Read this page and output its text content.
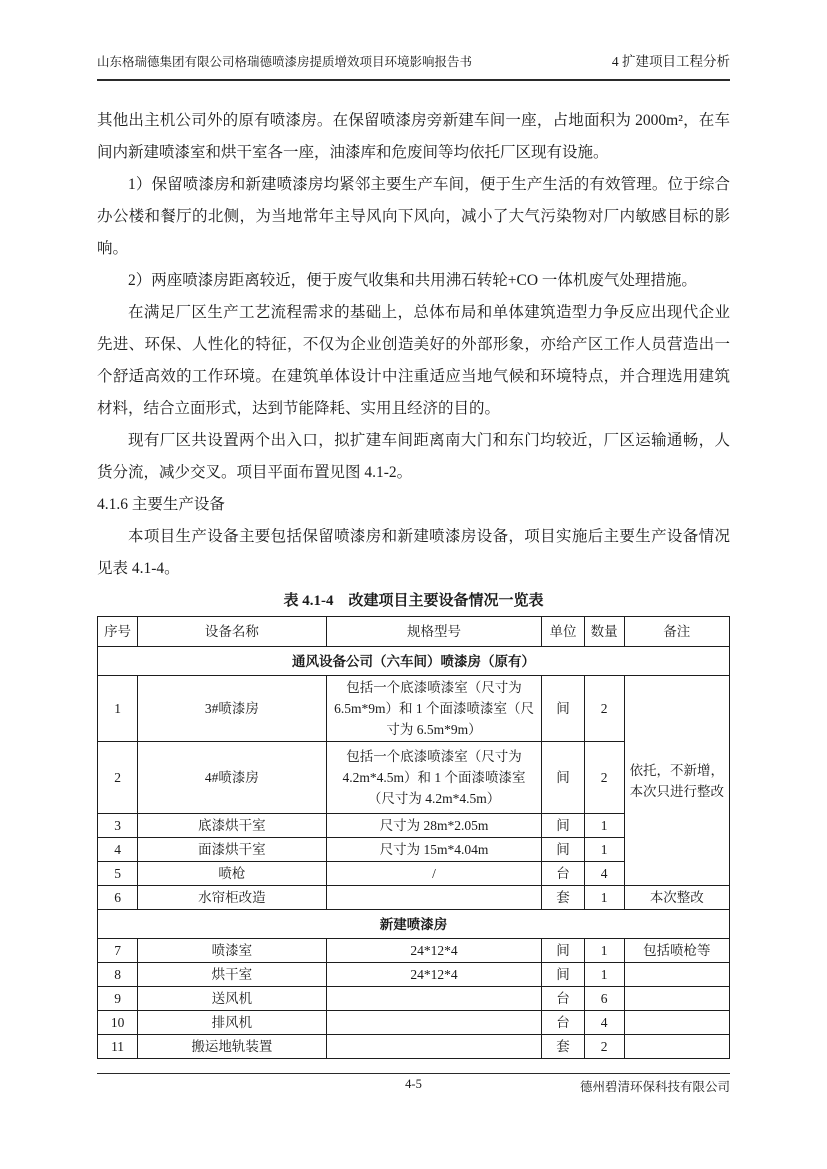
山东格瑞德集团有限公司格瑞德喷漆房提质增效项目环境影响报告书	4 扩建项目工程分析

其他出主机公司外的原有喷漆房。在保留喷漆房旁新建车间一座，占地面积为 2000m²，在车间内新建喷漆室和烘干室各一座，油漆库和危废间等均依托厂区现有设施。

1）保留喷漆房和新建喷漆房均紧邻主要生产车间，便于生产生活的有效管理。位于综合办公楼和餐厅的北侧，为当地常年主导风向下风向，减小了大气污染物对厂内敏感目标的影响。

2）两座喷漆房距离较近，便于废气收集和共用沸石转轮+CO 一体机废气处理措施。

在满足厂区生产工艺流程需求的基础上，总体布局和单体建筑造型力争反应出现代企业先进、环保、人性化的特征，不仅为企业创造美好的外部形象，亦给产区工作人员营造出一个舒适高效的工作环境。在建筑单体设计中注重适应当地气候和环境特点，并合理选用建筑材料，结合立面形式，达到节能降耗、实用且经济的目的。

现有厂区共设置两个出入口，拟扩建车间距离南大门和东门均较近，厂区运输通畅，人货分流，减少交叉。项目平面布置见图 4.1-2。

4.1.6 主要生产设备

本项目生产设备主要包括保留喷漆房和新建喷漆房设备，项目实施后主要生产设备情况见表 4.1-4。

表 4.1-4　改建项目主要设备情况一览表
序号	设备名称	规格型号	单位	数量	备注
通风设备公司（六车间）喷漆房（原有）					
1	3#喷漆房	包括一个底漆喷漆室（尺寸为 6.5m*9m）和 1 个面漆喷漆室（尺寸为 6.5m*9m）	间	2	依托，不新增，本次只进行整改
2	4#喷漆房	包括一个底漆喷漆室（尺寸为 4.2m*4.5m）和 1 个面漆喷漆室（尺寸为 4.2m*4.5m）	间	2	
3	底漆烘干室	尺寸为 28m*2.05m	间	1	
4	面漆烘干室	尺寸为 15m*4.04m	间	1	
5	喷枪	/	台	4	
6	水帘柜改造		套	1	本次整改
新建喷漆房					
7	喷漆室	24*12*4	间	1	包括喷枪等
8	烘干室	24*12*4	间	1	
9	送风机		台	6	
10	排风机		台	4	
11	搬运地轨装置		套	2	
4-5	德州碧清环保科技有限公司
